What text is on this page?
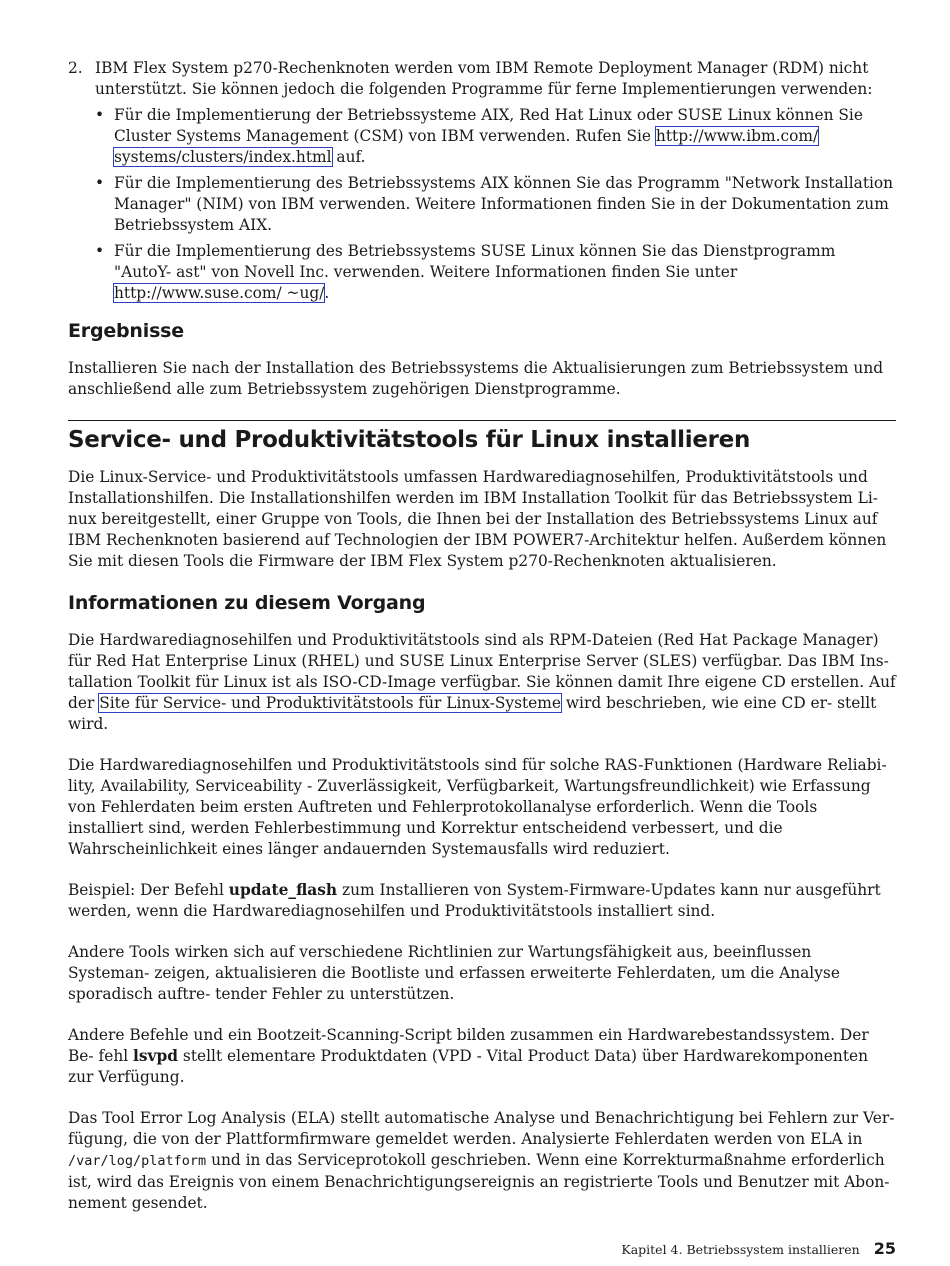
2. IBM Flex System p270-Rechenknoten werden vom IBM Remote Deployment Manager (RDM) nicht unterstützt. Sie können jedoch die folgenden Programme für ferne Implementierungen verwenden:
• Für die Implementierung der Betriebssysteme AIX, Red Hat Linux oder SUSE Linux können Sie Cluster Systems Management (CSM) von IBM verwenden. Rufen Sie http://www.ibm.com/ systems/clusters/index.html auf.
• Für die Implementierung des Betriebssystems AIX können Sie das Programm "Network Installation Manager" (NIM) von IBM verwenden. Weitere Informationen finden Sie in der Dokumentation zum Betriebssystem AIX.
• Für die Implementierung des Betriebssystems SUSE Linux können Sie das Dienstprogramm "AutoY- ast" von Novell Inc. verwenden. Weitere Informationen finden Sie unter http://www.suse.com/ ~ug/.
Ergebnisse

Installieren Sie nach der Installation des Betriebssystems die Aktualisierungen zum Betriebssystem und anschließend alle zum Betriebssystem zugehörigen Dienstprogramme.

Service- und Produktivitätstools für Linux installieren

Die Linux-Service- und Produktivitätstools umfassen Hardwarediagnosehilfen, Produktivitätstools und Installationshilfen. Die Installationshilfen werden im IBM Installation Toolkit für das Betriebssystem Li- nux bereitgestellt, einer Gruppe von Tools, die Ihnen bei der Installation des Betriebssystems Linux auf IBM Rechenknoten basierend auf Technologien der IBM POWER7-Architektur helfen. Außerdem können Sie mit diesen Tools die Firmware der IBM Flex System p270-Rechenknoten aktualisieren.

Informationen zu diesem Vorgang

Die Hardwarediagnosehilfen und Produktivitätstools sind als RPM-Dateien (Red Hat Package Manager) für Red Hat Enterprise Linux (RHEL) und SUSE Linux Enterprise Server (SLES) verfügbar. Das IBM Ins- tallation Toolkit für Linux ist als ISO-CD-Image verfügbar. Sie können damit Ihre eigene CD erstellen. Auf der Site für Service- und Produktivitätstools für Linux-Systeme wird beschrieben, wie eine CD er- stellt wird.

Die Hardwarediagnosehilfen und Produktivitätstools sind für solche RAS-Funktionen (Hardware Reliabi- lity, Availability, Serviceability - Zuverlässigkeit, Verfügbarkeit, Wartungsfreundlichkeit) wie Erfassung von Fehlerdaten beim ersten Auftreten und Fehlerprotokollanalyse erforderlich. Wenn die Tools installiert sind, werden Fehlerbestimmung und Korrektur entscheidend verbessert, und die Wahrscheinlichkeit eines länger andauernden Systemausfalls wird reduziert.

Beispiel: Der Befehl update_flash zum Installieren von System-Firmware-Updates kann nur ausgeführt werden, wenn die Hardwarediagnosehilfen und Produktivitätstools installiert sind.

Andere Tools wirken sich auf verschiedene Richtlinien zur Wartungsfähigkeit aus, beeinflussen Systeman- zeigen, aktualisieren die Bootliste und erfassen erweiterte Fehlerdaten, um die Analyse sporadisch auftre- tender Fehler zu unterstützen.

Andere Befehle und ein Bootzeit-Scanning-Script bilden zusammen ein Hardwarebestandssystem. Der Be- fehl lsvpd stellt elementare Produktdaten (VPD - Vital Product Data) über Hardwarekomponenten zur Verfügung.

Das Tool Error Log Analysis (ELA) stellt automatische Analyse und Benachrichtigung bei Fehlern zur Ver- fügung, die von der Plattformfirmware gemeldet werden. Analysierte Fehlerdaten werden von ELA in /var/log/platform und in das Serviceprotokoll geschrieben. Wenn eine Korrekturmaßnahme erforderlich ist, wird das Ereignis von einem Benachrichtigungsereignis an registrierte Tools und Benutzer mit Abon- nement gesendet.

Kapitel 4. Betriebssystem installieren 25
